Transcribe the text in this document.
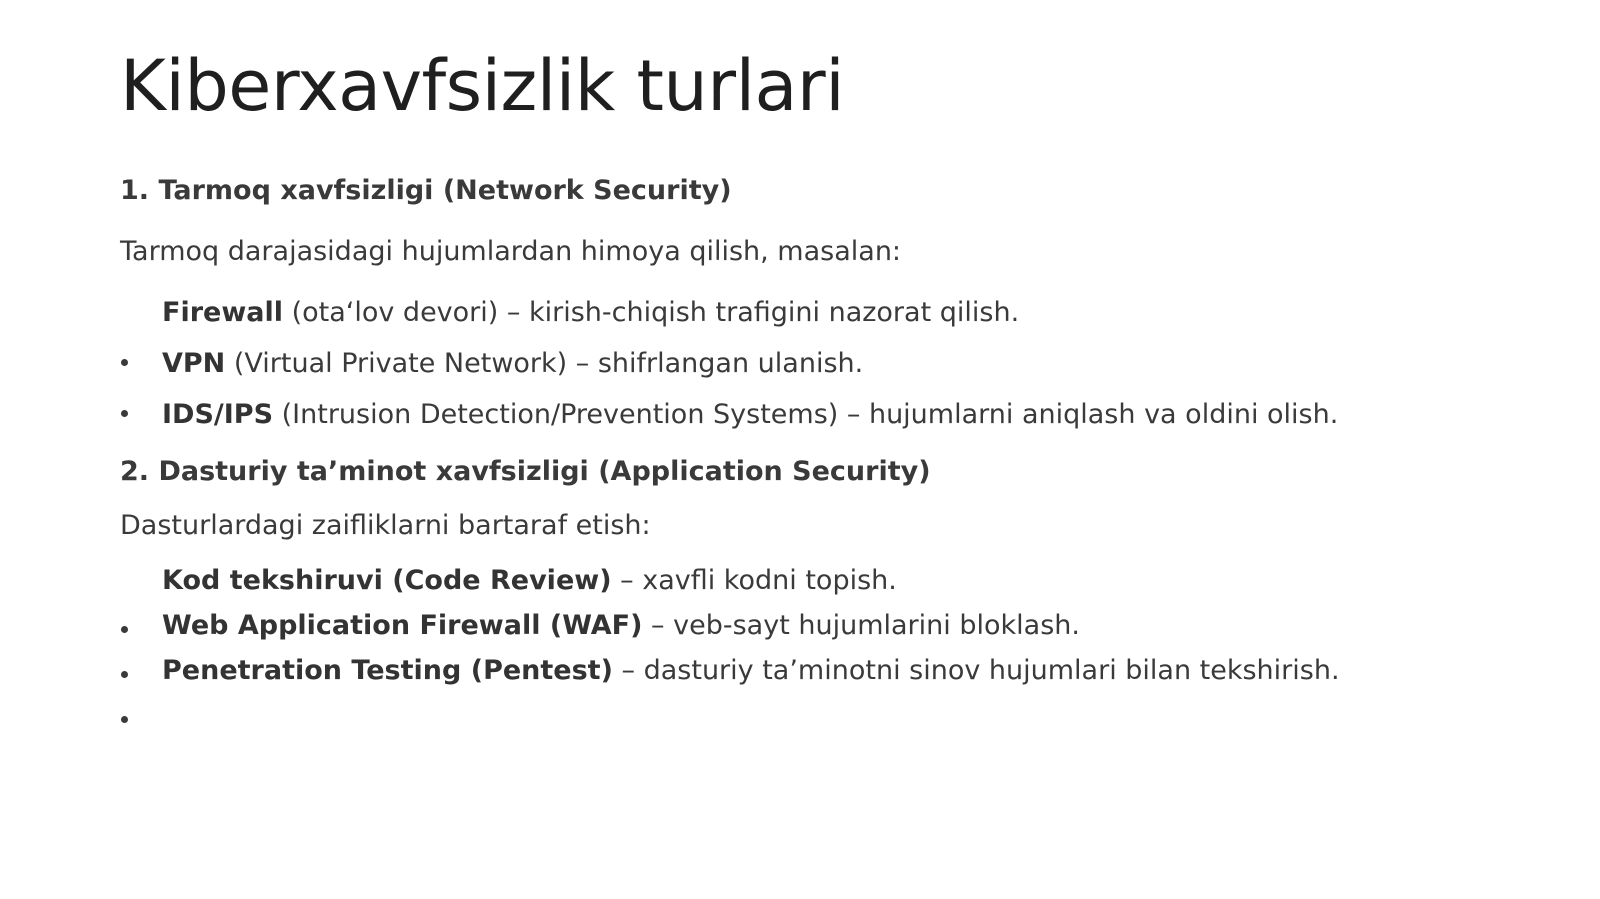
Kiberxavfsizlik turlari
1. Tarmoq xavfsizligi (Network Security)
Tarmoq darajasidagi hujumlardan himoya qilish, masalan:
Firewall (ota‘lov devori) – kirish-chiqish trafigini nazorat qilish.
VPN (Virtual Private Network) – shifrlangan ulanish.
IDS/IPS (Intrusion Detection/Prevention Systems) – hujumlarni aniqlash va oldini olish.
2. Dasturiy ta’minot xavfsizligi (Application Security)
Dasturlardagi zaifliklarni bartaraf etish:
Kod tekshiruvi (Code Review) – xavfli kodni topish.
Web Application Firewall (WAF) – veb-sayt hujumlarini bloklash.
Penetration Testing (Pentest) – dasturiy ta’minotni sinov hujumlari bilan tekshirish.
